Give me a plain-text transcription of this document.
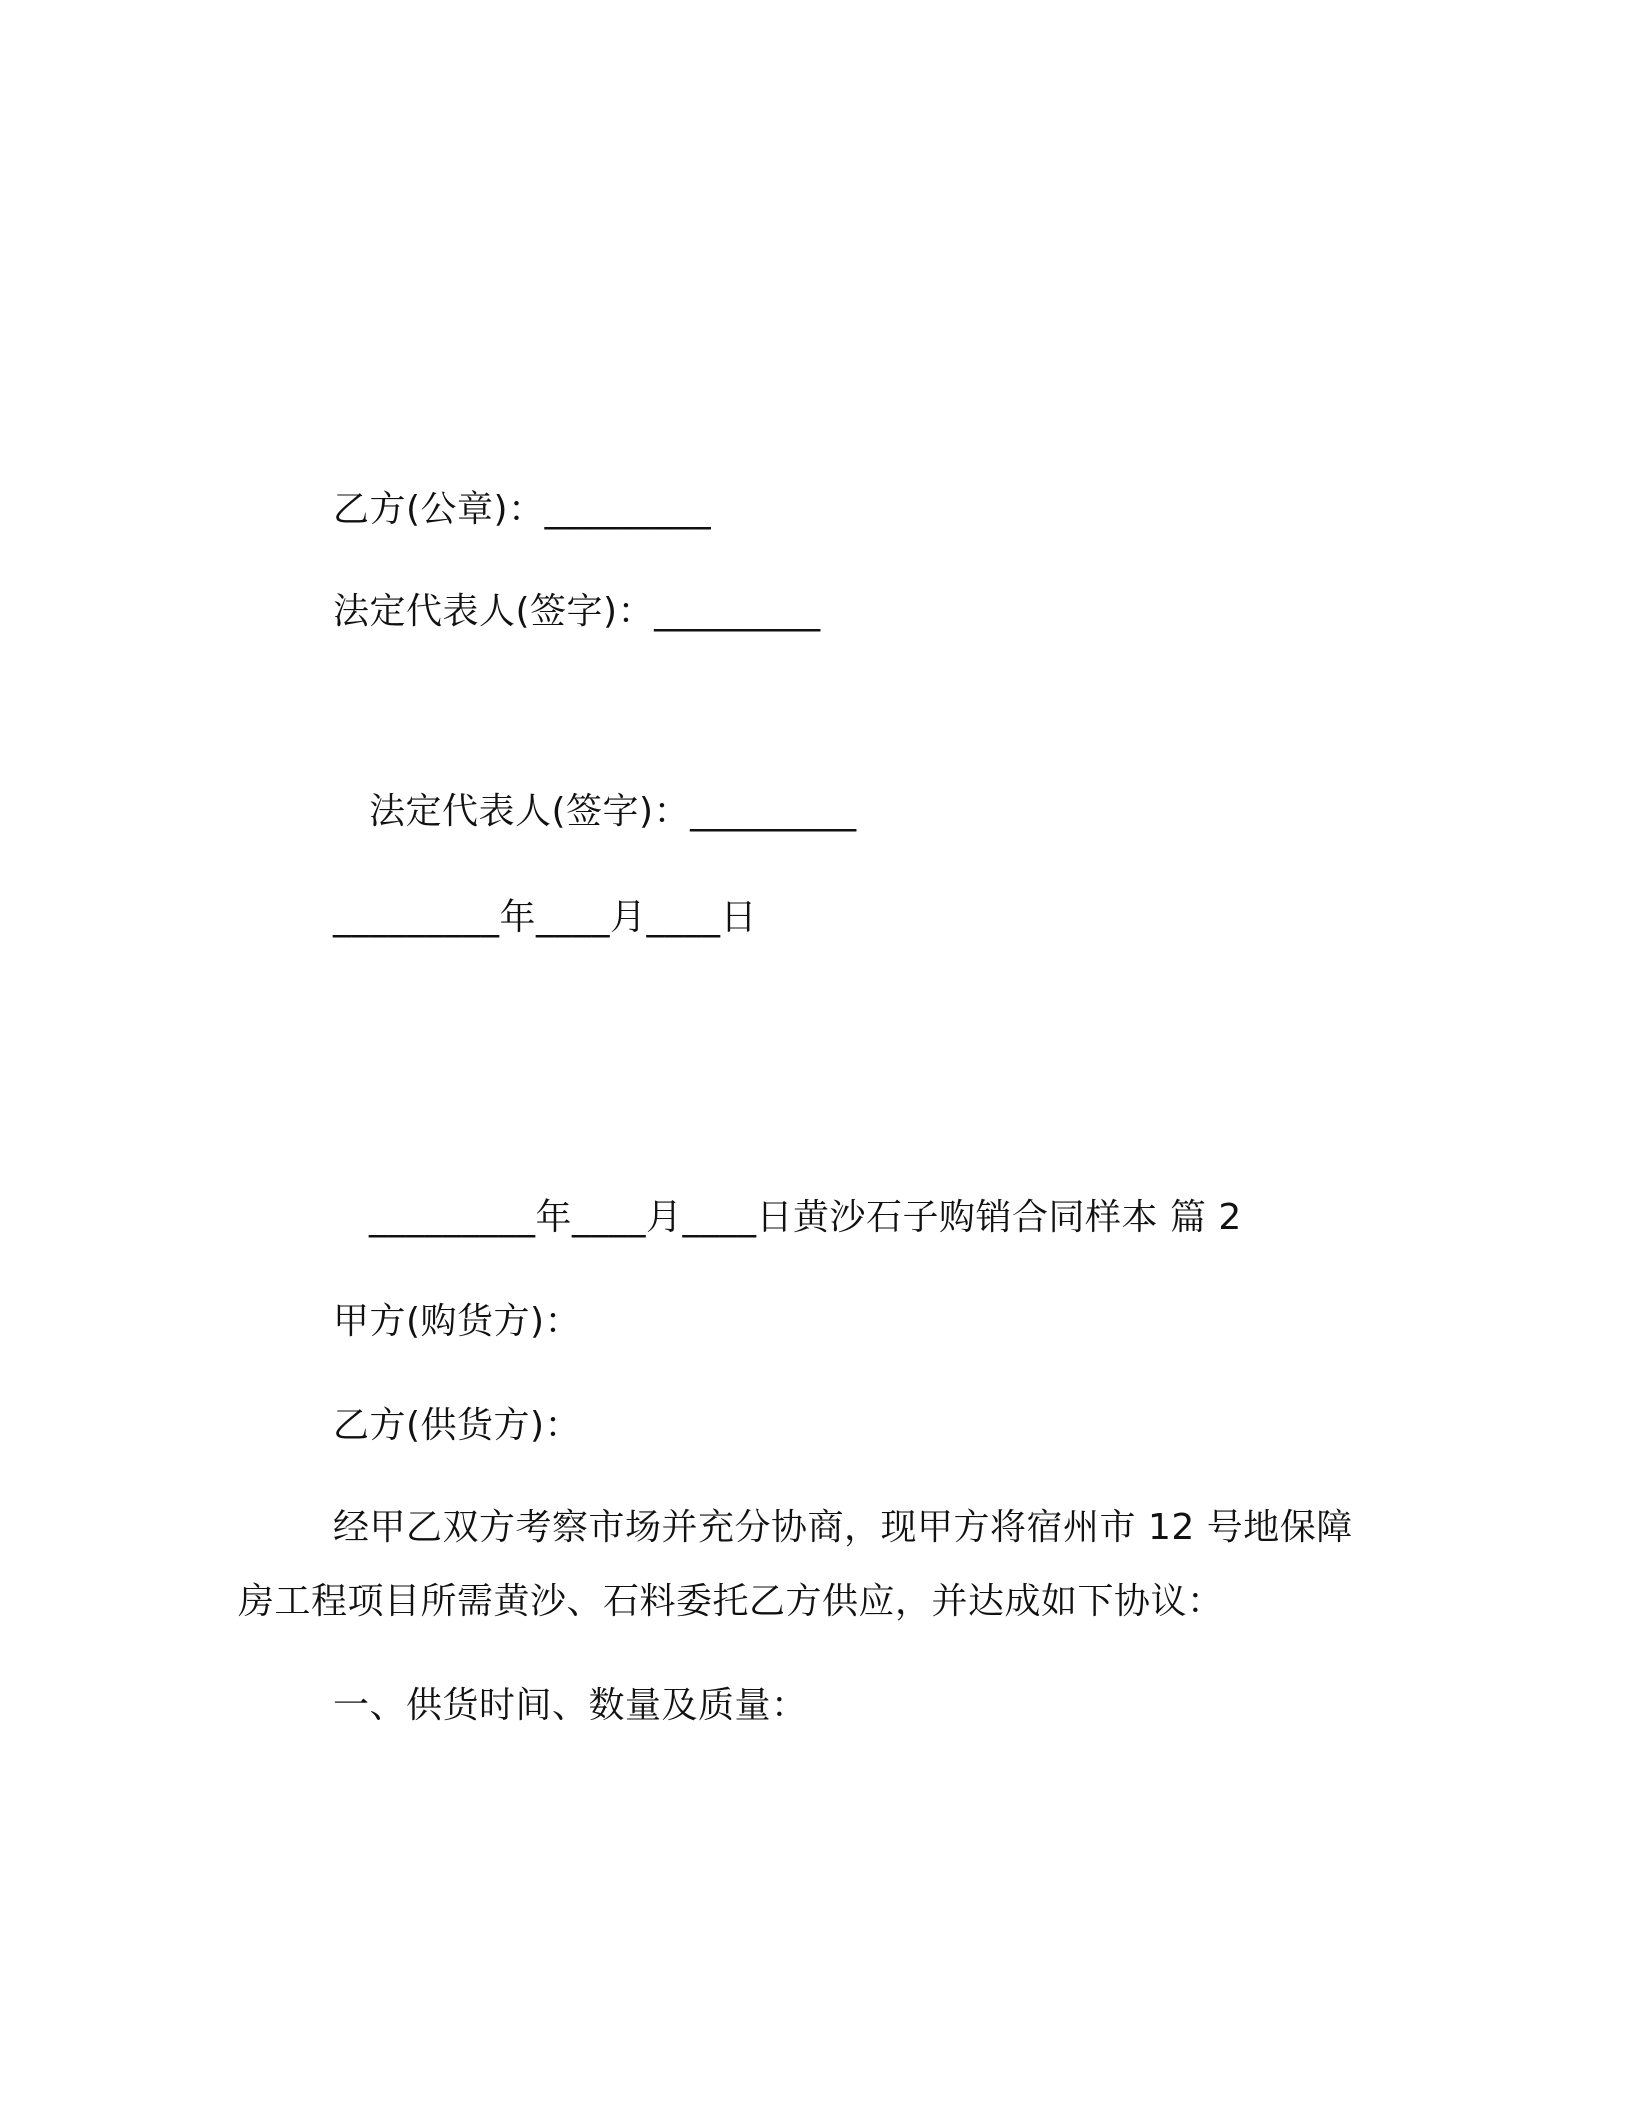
乙方(公章)：_________
法定代表人(签字)：_________
法定代表人(签字)：_________
_________年____月____日
_________年____月____日黄沙石子购销合同样本 篇 2
甲方(购货方)：
乙方(供货方)：
经甲乙双方考察市场并充分协商，现甲方将宿州市 12 号地保障
房工程项目所需黄沙、石料委托乙方供应，并达成如下协议：
一、供货时间、数量及质量：
